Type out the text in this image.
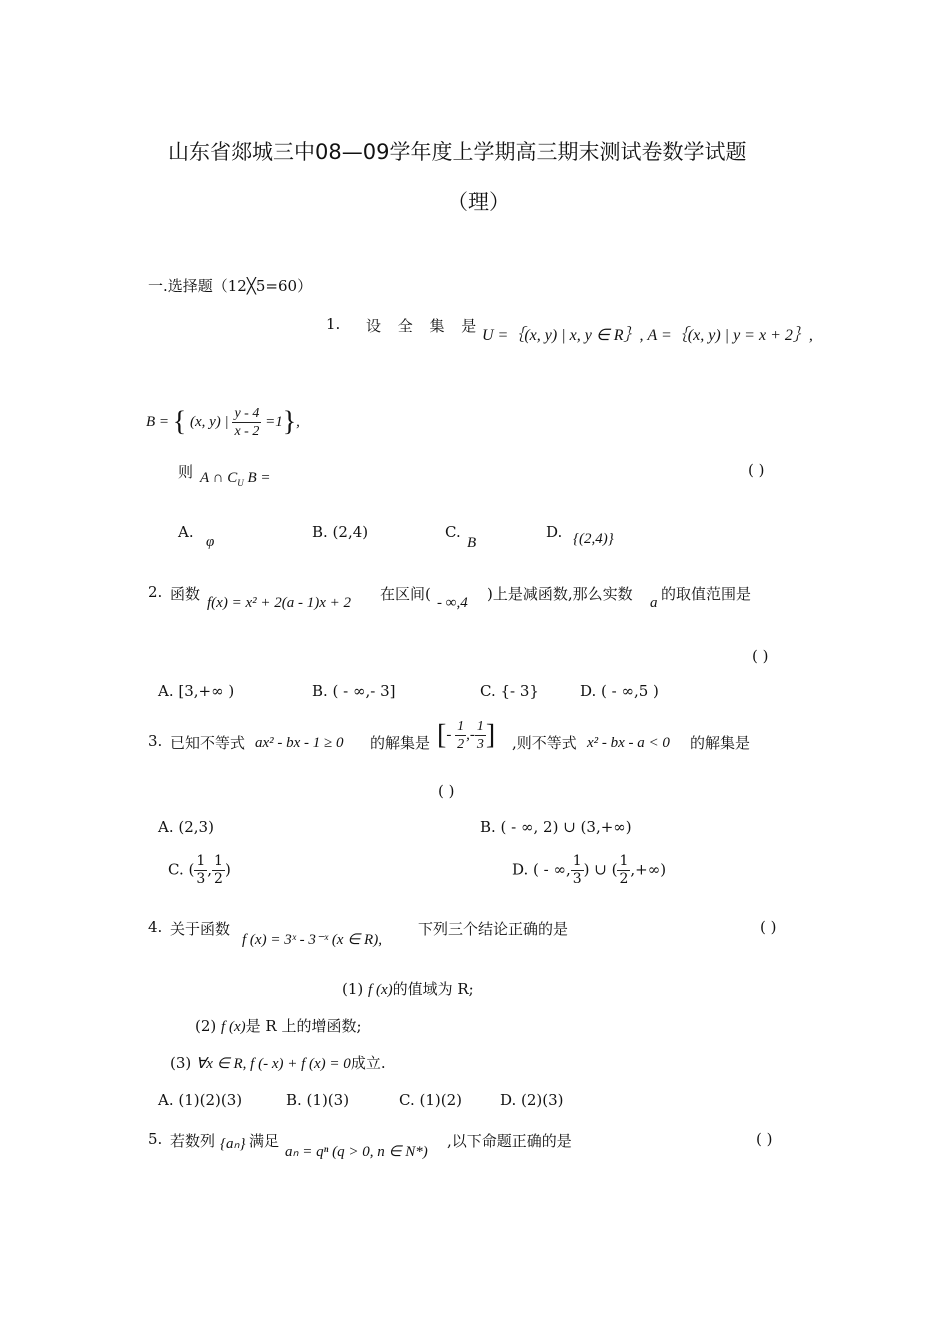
山东省郯城三中08—09学年度上学期高三期末测试卷数学试题
（理）
一.选择题（12╳5=60）
1. 设 全 集 是
U =｛(x, y) | x, y ∈ R｝, A =｛(x, y) | y = x + 2｝,
B = { (x, y) | $\frac{y - 4}{x - 2} =1$},
则 A ∩ $C_U$ B =	( )
A.
φ
B. (2,4)	C.
B
D. {(2,4)}
2. 函数 f(x) = x² + 2(a - 1)x + 2 在区间( - ∞,4 )上是减函数,那么实数 a 的取值范围是
( )
A. [3,+∞ )	B. ( - ∞,- 3]	C. {- 3}	D. ( - ∞,5 )
3. 已知不等式 ax² - bx - 1 ≥ 0 的解集是 [- $\frac{1}{2}$ ,- $\frac{1}{3}$ ] ,则不等式 x² - bx - a < 0 的解集是
( )
A. (2,3)	B. ( - ∞, 2) ∪ (3,+∞)
C. ( $\frac{1}{3}$ , $\frac{1}{2}$ )	D. ( - ∞, $\frac{1}{3}$ ) ∪ ( $\frac{1}{2}$ ,+∞)
4. 关于函数
f (x) = 3ˣ - 3⁻ˣ (x ∈ R),
下列三个结论正确的是	( )
(1) f (x)的值域为 R;
(2) f (x)是 R 上的增函数;
(3) ∀x ∈ R, f (- x) + f (x) = 0成立.
A. (1)(2)(3)	B. (1)(3)	C. (1)(2)	D. (2)(3)
5. 若数列 {aₙ} 满足
aₙ = qⁿ (q > 0, n ∈ N*)
,以下命题正确的是	( )
